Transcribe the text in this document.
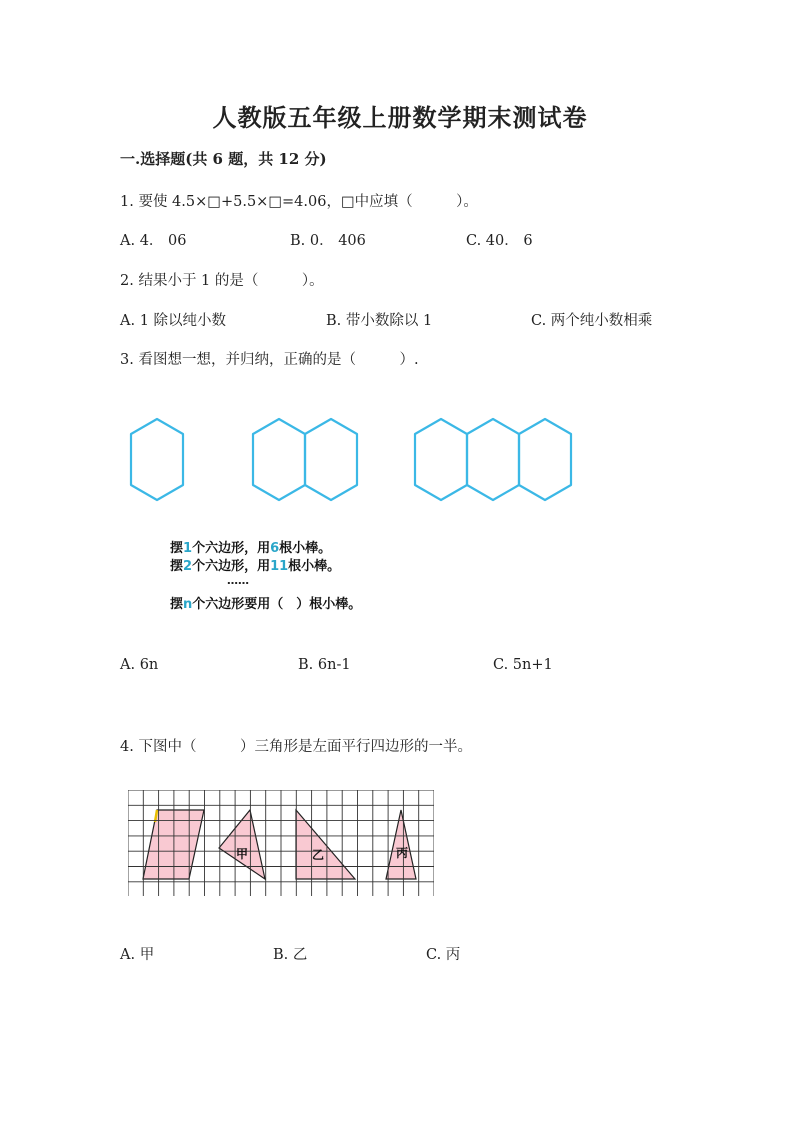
人教版五年级上册数学期末测试卷
一.选择题(共 6 题，共 12 分)
1. 要使 4.5×□+5.5×□=4.06，□中应填（　　　）。
A. 4． 06	B. 0． 406	C. 40． 6
2. 结果小于 1 的是（　　　）。
A. 1 除以纯小数	B. 带小数除以 1	C. 两个纯小数相乘
3. 看图想一想，并归纳，正确的是（　　　）.
摆1个六边形，用6根小棒。
摆2个六边形，用11根小棒。
……
摆n个六边形要用（　）根小棒。
A. 6n	B. 6n-1	C. 5n+1
4. 下图中（　　　）三角形是左面平行四边形的一半。
甲	乙	丙
A. 甲	B. 乙	C. 丙
